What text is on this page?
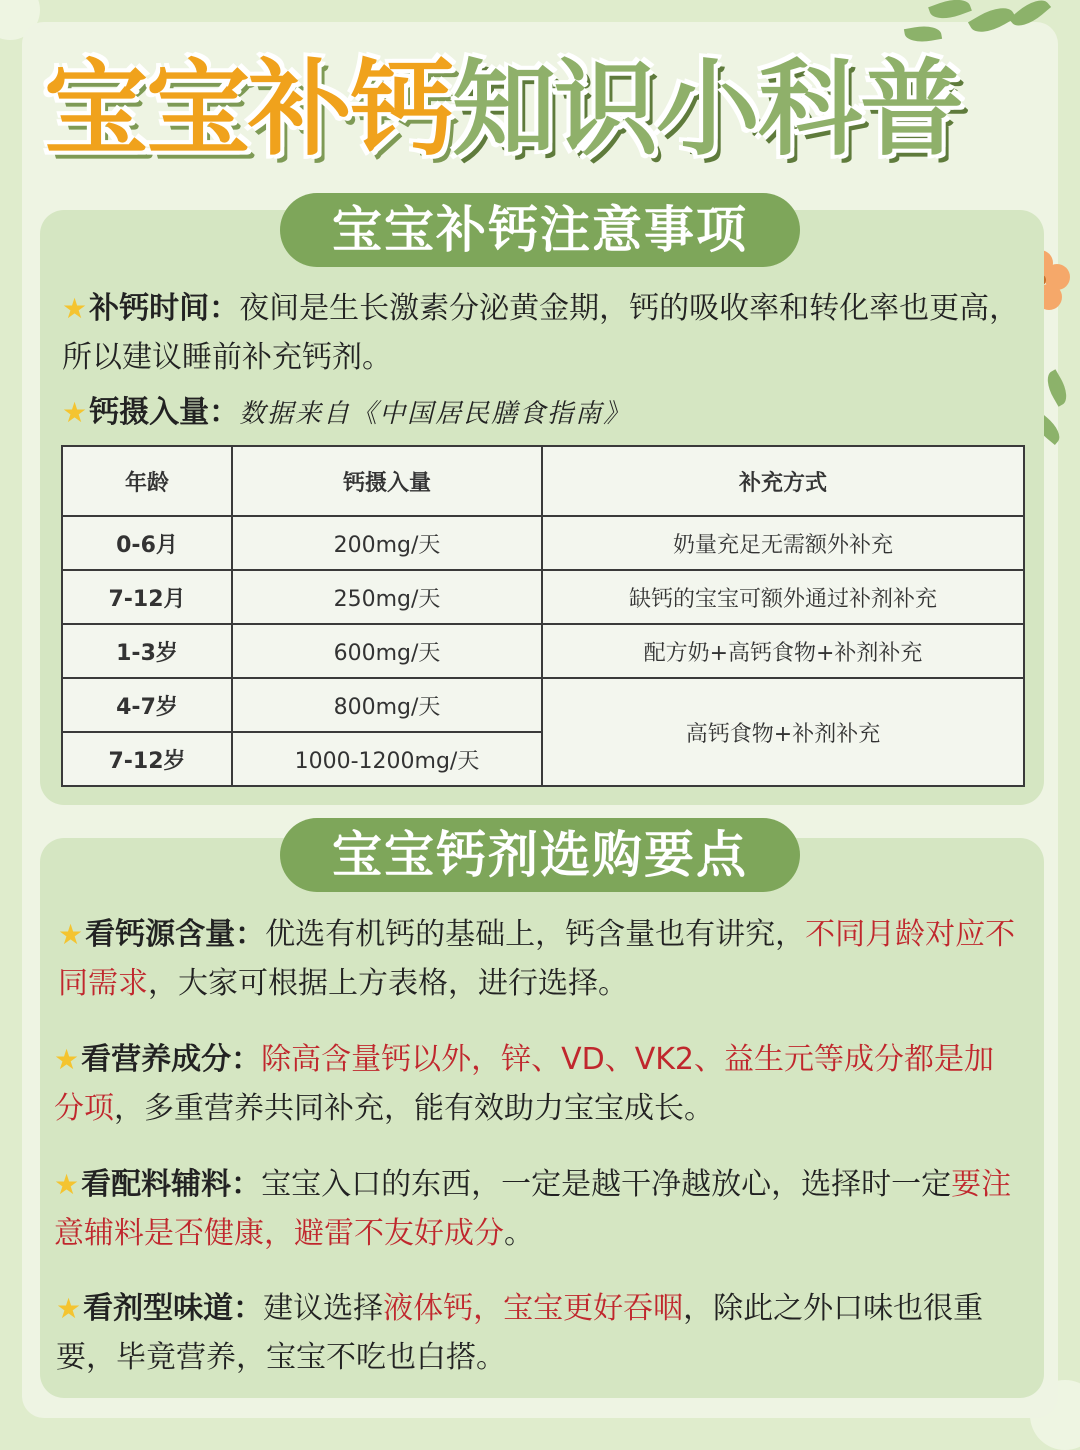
宝宝补钙知识小科普
宝宝补钙注意事项
★补钙时间：夜间是生长激素分泌黄金期，钙的吸收率和转化率也更高，所以建议睡前补充钙剂。
★钙摄入量：数据来自《中国居民膳食指南》
年龄	钙摄入量	补充方式
0-6月	200mg/天	奶量充足无需额外补充
7-12月	250mg/天	缺钙的宝宝可额外通过补剂补充
1-3岁	600mg/天	配方奶+高钙食物+补剂补充
4-7岁	800mg/天	高钙食物+补剂补充
7-12岁	1000-1200mg/天	
宝宝钙剂选购要点
★看钙源含量：优选有机钙的基础上，钙含量也有讲究，不同月龄对应不同需求，大家可根据上方表格，进行选择。
★看营养成分：除高含量钙以外，锌、VD、VK2、益生元等成分都是加分项，多重营养共同补充，能有效助力宝宝成长。
★看配料辅料：宝宝入口的东西，一定是越干净越放心，选择时一定要注意辅料是否健康，避雷不友好成分。
★看剂型味道：建议选择液体钙，宝宝更好吞咽，除此之外口味也很重要，毕竟营养，宝宝不吃也白搭。
